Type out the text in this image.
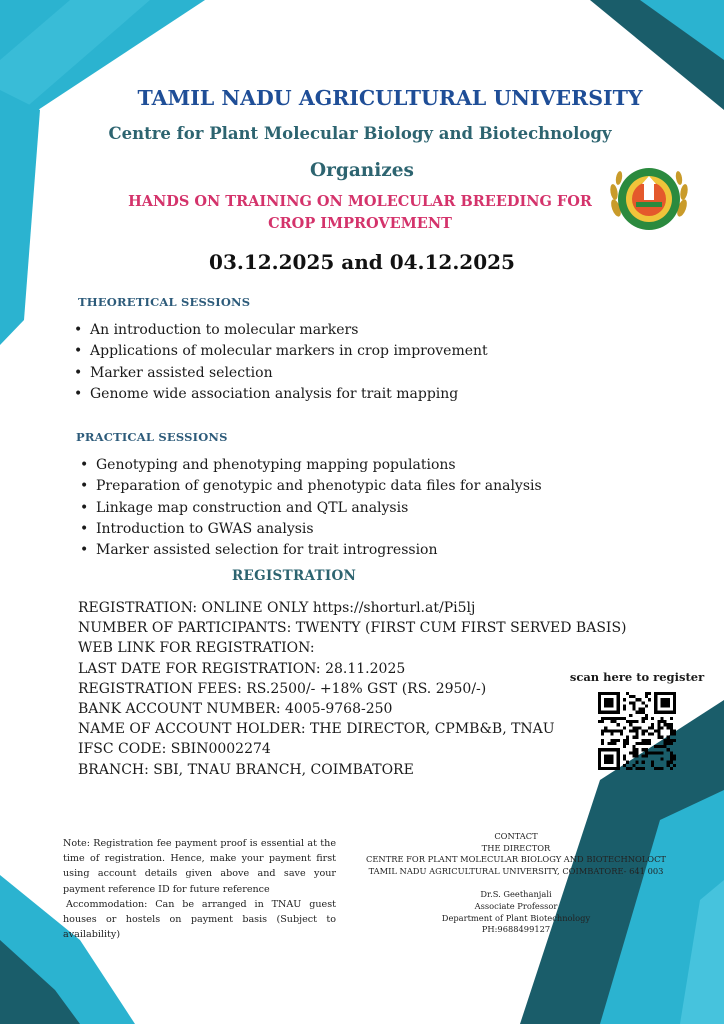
TAMIL NADU AGRICULTURAL UNIVERSITY
Centre for Plant Molecular Biology and Biotechnology
Organizes
HANDS ON TRAINING ON MOLECULAR BREEDING FOR
CROP IMPROVEMENT
03.12.2025 and 04.12.2025
THEORETICAL SESSIONS
• An introduction to molecular markers
• Applications of molecular markers in crop improvement
• Marker assisted selection
• Genome wide association analysis for trait mapping
PRACTICAL SESSIONS
• Genotyping and phenotyping mapping populations
• Preparation of genotypic and phenotypic data files for analysis
• Linkage map construction and QTL analysis
• Introduction to GWAS analysis
• Marker assisted selection for trait introgression
REGISTRATION
REGISTRATION: ONLINE ONLY https://shorturl.at/Pi5lj
NUMBER OF PARTICIPANTS: TWENTY (FIRST CUM FIRST SERVED BASIS)
WEB LINK FOR REGISTRATION:
LAST DATE FOR REGISTRATION: 28.11.2025
REGISTRATION FEES: RS.2500/- +18% GST (RS. 2950/-)
BANK ACCOUNT NUMBER: 4005-9768-250
NAME OF ACCOUNT HOLDER: THE DIRECTOR, CPMB&B, TNAU
IFSC CODE: SBIN0002274
BRANCH: SBI, TNAU BRANCH, COIMBATORE
scan here to register

Note: Registration fee payment proof is essential at the time of registration. Hence, make your payment first using account details given above and save your payment reference ID for future reference

Accommodation: Can be arranged in TNAU guest houses or hostels on payment basis (Subject to availability)

CONTACT
THE DIRECTOR
CENTRE FOR PLANT MOLECULAR BIOLOGY AND BIOTECHNOLOCT
TAMIL NADU AGRICULTURAL UNIVERSITY, COIMBATORE- 641 003
Dr.S. Geethanjali
Associate Professor
Department of Plant Biotechnology
PH:9688499127
